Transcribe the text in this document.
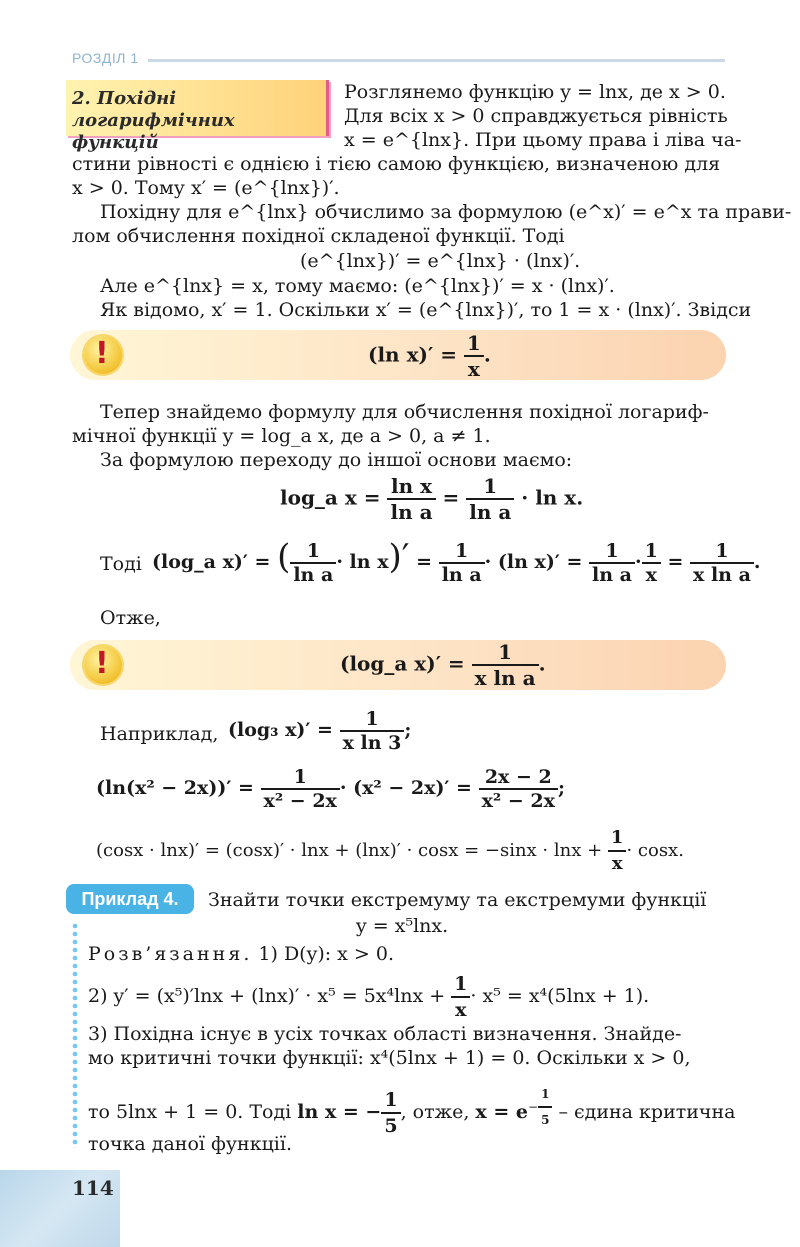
РОЗДІЛ 1
2. Похідні
логарифмічних функцій
Розглянемо функцію y = lnx, де x > 0.
Для всіх x > 0 справджується рівність
x = e^{lnx}. При цьому права і ліва ча-
стини рівності є однією і тією самою функцією, визначеною для
x > 0. Тому x′ = (e^{lnx})′.
Похідну для e^{lnx} обчислимо за формулою (e^x)′ = e^x та прави-
лом обчислення похідної складеної функції. Тоді
(e^{lnx})′ = e^{lnx} · (lnx)′.
Але e^{lnx} = x, тому маємо: (e^{lnx})′ = x · (lnx)′.
Як відомо, x′ = 1. Оскільки x′ = (e^{lnx})′, то 1 = x · (lnx)′. Звідси
!	(ln $x)' = \frac{1}{x}$ .
Тепер знайдемо формулу для обчислення похідної логариф-
мічної функції y = log_a x, де a > 0, a ≠ 1.
За формулою переходу до іншої основи маємо:
log_a $x = \frac{\text{ln x}}{\text{ln a}} = \frac{1}{\text{ln a}} \cdot \ln x$.
Тоді (log_a x)′ = ( $\frac{1}{\text{ln a}} \cdot \ln x)' = \frac{1}{\text{ln a}} \cdot (\ln$ $x)' = \frac{1}{\text{ln a}} \cdot \frac{1}{x} = \frac{1}{\text{x ln a}}$ .
Отже,
!	(log_a $x)' = \frac{1}{\text{x ln a}}$ .
Наприклад, (log₃ $x)' = \frac{1}{\text{x ln 3}}$ ;
$(\ln(x^2 - 2x))' = \frac{1}{\text{x² − 2x}} \cdot (x^2 - 2x)' = \frac{2x - 2}{\text{x² − 2x}}$ ;
$(\cos x \cdot \ln x)' = (\cos x)' \cdot \ln x + (\ln x)' \cdot \cos x = -\sin x \cdot \ln x + \frac{1}{x} \cdot \cos x$.
Приклад 4.	Знайти точки екстремуму та екстремуми функції
y = x⁵lnx.
Розв’язання. 1) D(y): x > 0.
2) $y' = (x^5)'\ln x + (\ln x)' \cdot x^5 = 5x^4\ln x + \frac{1}{x} \cdot x^5 = x^4(5\ln x + 1)$.
3) Похідна існує в усіх точках області визначення. Знайде-
мо критичні точки функції: x⁴(5lnx + 1) = 0. Оскільки x > 0,
то 5lnx + 1 = 0. Тоді ln x = − $\frac{1}{5}$ , отже, $x = e^{- \frac{1}{5}}$ – єдина критична
точка даної функції.
114
